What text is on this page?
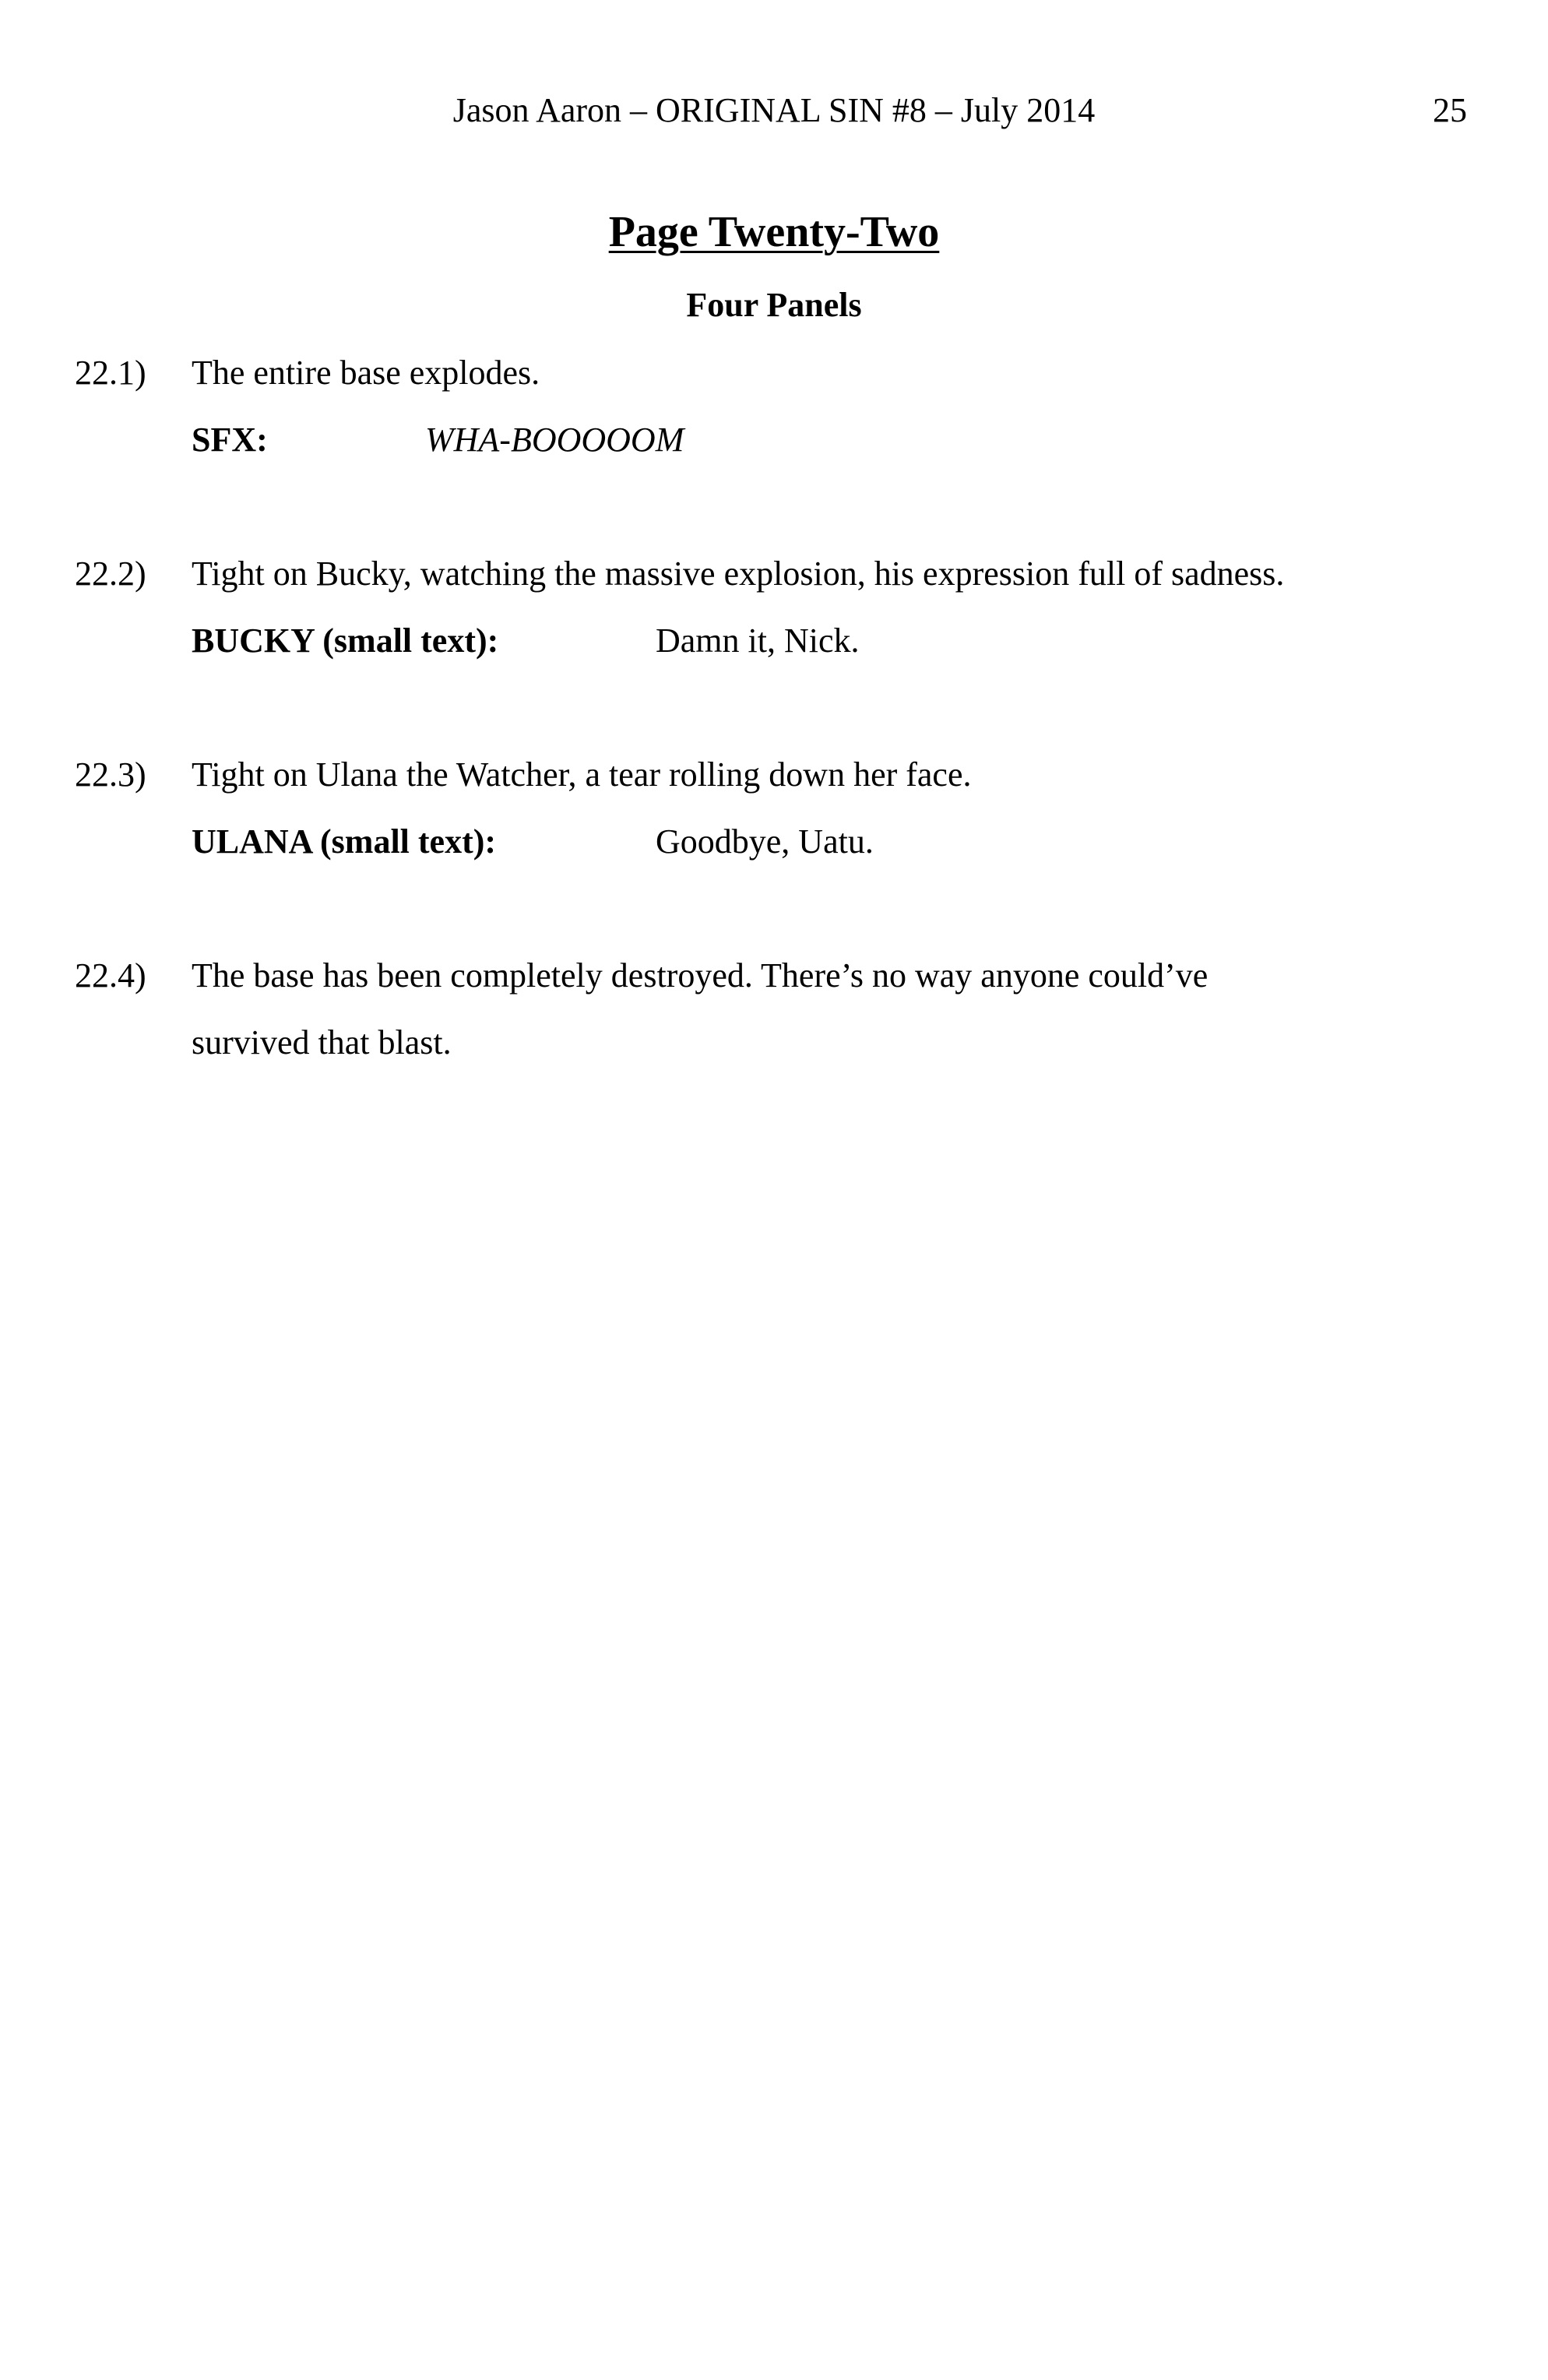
Jason Aaron – ORIGINAL SIN #8 – July 2014	25
Page Twenty-Two
Four Panels
22.1) The entire base explodes.
SFX:	WHA-BOOOOOM
22.2) Tight on Bucky, watching the massive explosion, his expression full of sadness.
BUCKY (small text):	Damn it, Nick.
22.3) Tight on Ulana the Watcher, a tear rolling down her face.
ULANA (small text):	Goodbye, Uatu.
22.4) The base has been completely destroyed. There’s no way anyone could’ve
survived that blast.
